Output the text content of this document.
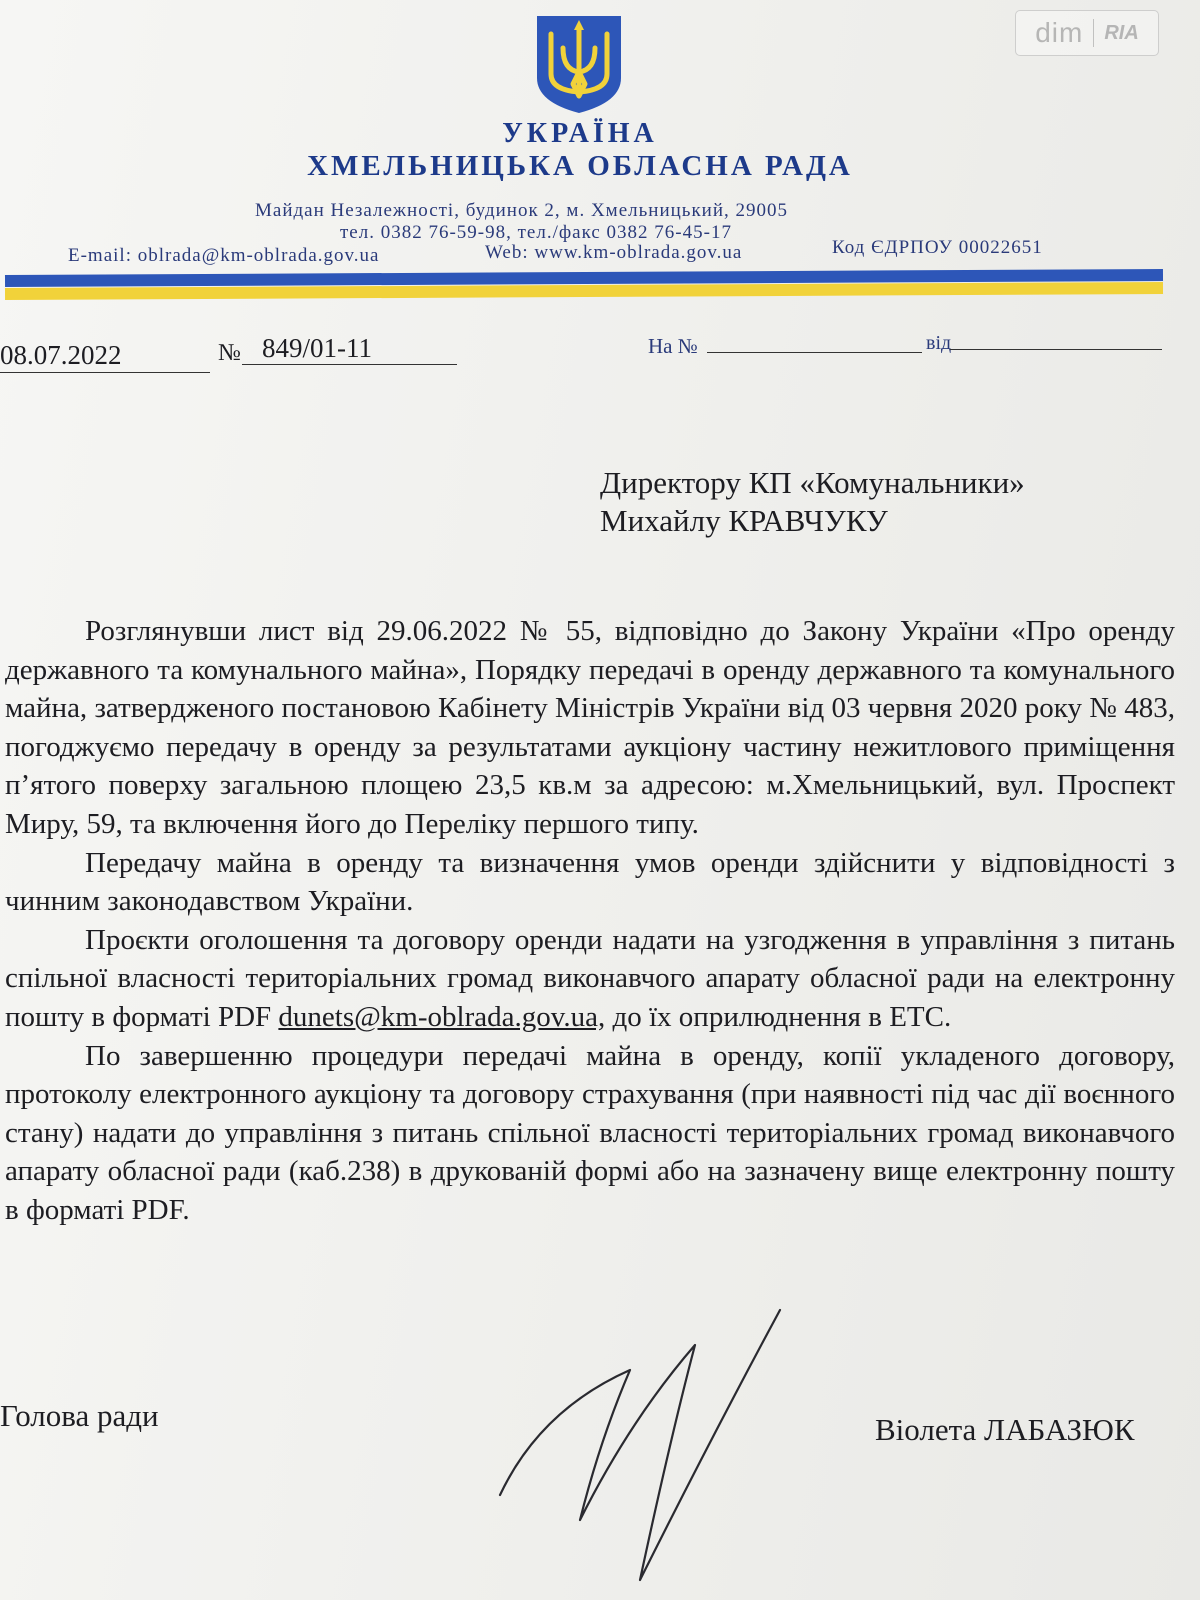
dim RIA
УКРАЇНА
ХМЕЛЬНИЦЬКА ОБЛАСНА РАДА
Майдан Незалежності, будинок 2, м. Хмельницький, 29005
тел. 0382 76-59-98, тел./факс 0382 76-45-17
E-mail: oblrada@km-oblrada.gov.ua	Web: www.km-oblrada.gov.ua	Код ЄДРПОУ 00022651
08.07.2022	№ 849/01-11	На №	від
Директору КП «Комунальники»
Михайлу КРАВЧУКУ

Розглянувши лист від 29.06.2022 № 55, відповідно до Закону України «Про оренду державного та комунального майна», Порядку передачі в оренду державного та комунального майна, затвердженого постановою Кабінету Міністрів України від 03 червня 2020 року № 483, погоджуємо передачу в оренду за результатами аукціону частину нежитлового приміщення п’ятого поверху загальною площею 23,5 кв.м за адресою: м.Хмельницький, вул. Проспект Миру, 59, та включення його до Переліку першого типу.

Передачу майна в оренду та визначення умов оренди здійснити у відповідності з чинним законодавством України.

Проєкти оголошення та договору оренди надати на узгодження в управління з питань спільної власності територіальних громад виконавчого апарату обласної ради на електронну пошту в форматі PDF dunets@km-oblrada.gov.ua, до їх оприлюднення в ЕТС.

По завершенню процедури передачі майна в оренду, копії укладеного договору, протоколу електронного аукціону та договору страхування (при наявності під час дії воєнного стану) надати до управління з питань спільної власності територіальних громад виконавчого апарату обласної ради (каб.238) в друкованій формі або на зазначену вище електронну пошту в форматі PDF.

Голова ради	Віолета ЛАБАЗЮК
